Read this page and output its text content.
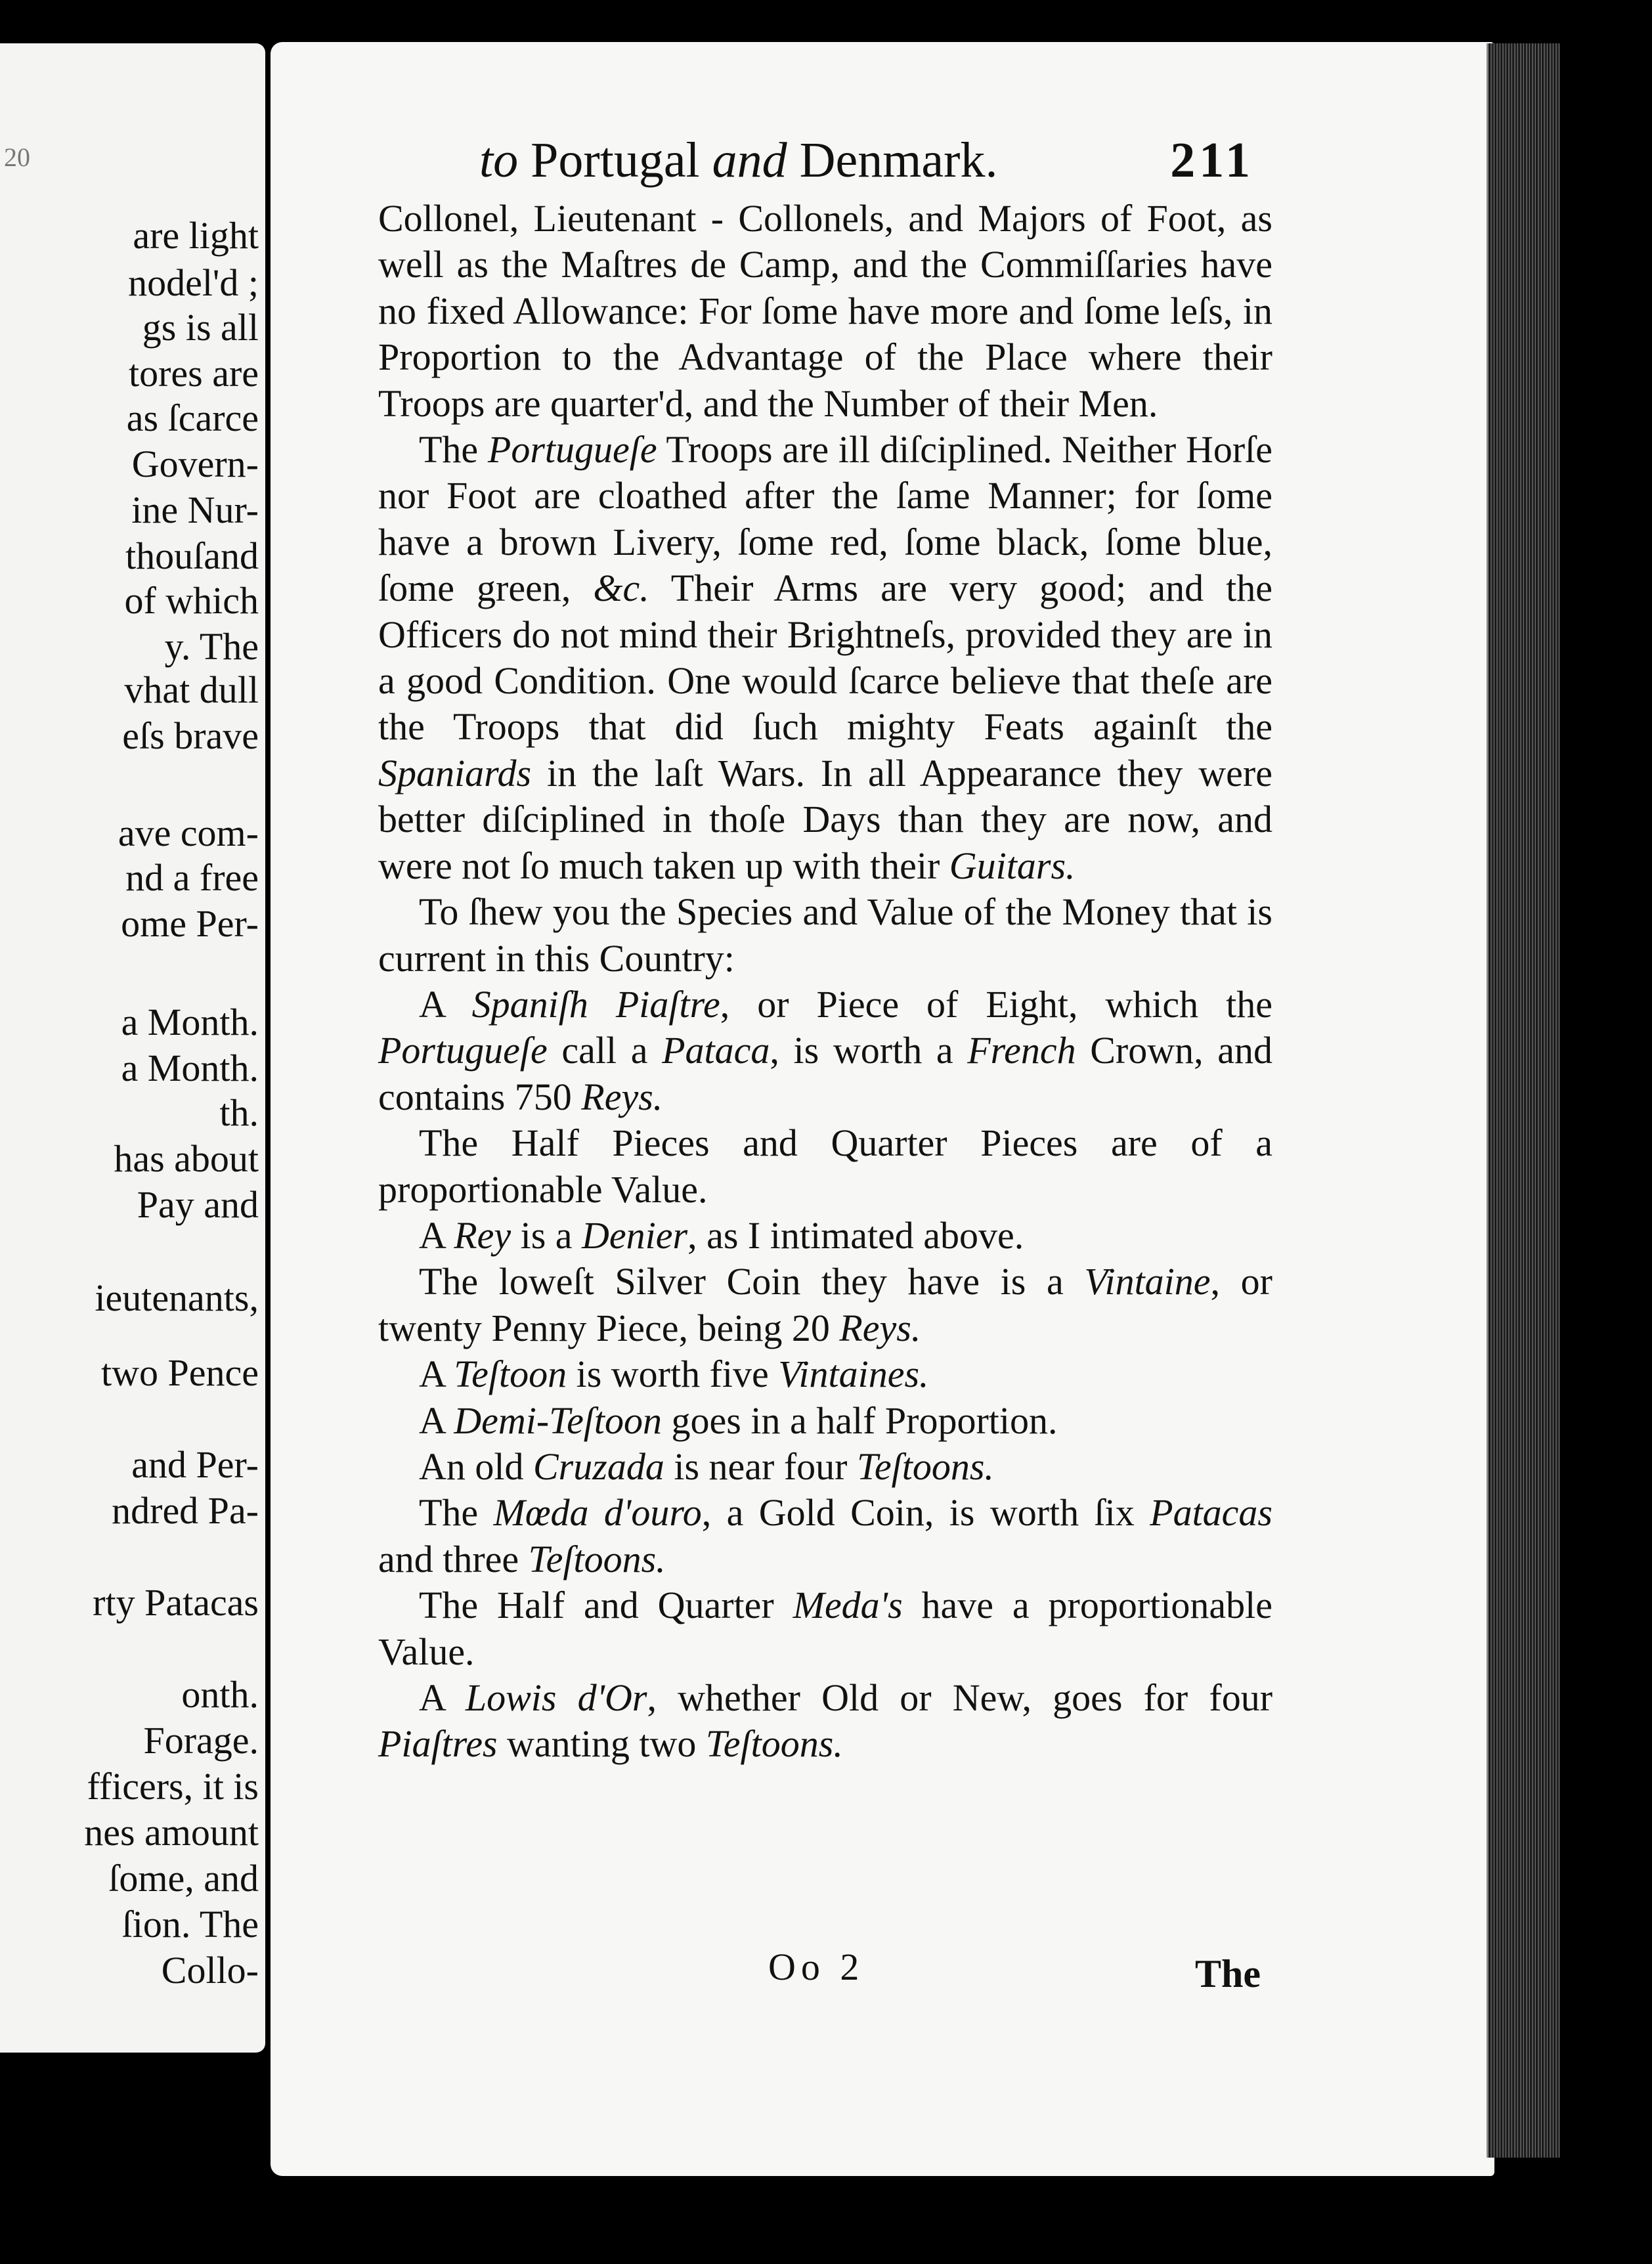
20
are light
nodel'd ;
gs is all
tores are
as ſcarce
Govern-
ine Nur-
thouſand
of which
y. The
vhat dull
eſs brave
ave com-
nd a free
ome Per-
a Month.
a Month.
th.
has about
Pay and
ieutenants,
two Pence
and Per-
ndred Pa-
rty Patacas
onth.
Forage.
fficers, it is
nes amount
ſome, and
ſion. The
Collo-
to Portugal and Denmark.	211

Collonel, Lieutenant - Collonels, and Majors of Foot, as well as the Maſtres de Camp, and the Commiſſaries have no fixed Allowance: For ſome have more and ſome leſs, in Proportion to the Advantage of the Place where their Troops are quarter'd, and the Number of their Men.

The Portugueſe Troops are ill diſciplined. Neither Horſe nor Foot are cloathed after the ſame Manner; for ſome have a brown Livery, ſome red, ſome black, ſome blue, ſome green, &c. Their Arms are very good; and the Officers do not mind their Brightneſs, provided they are in a good Condition. One would ſcarce believe that theſe are the Troops that did ſuch mighty Feats againſt the Spaniards in the laſt Wars. In all Appearance they were better diſciplined in thoſe Days than they are now, and were not ſo much taken up with their Guitars.

To ſhew you the Species and Value of the Money that is current in this Country:

A Spaniſh Piaſtre, or Piece of Eight, which the Portugueſe call a Pataca, is worth a French Crown, and contains 750 Reys.

The Half Pieces and Quarter Pieces are of a proportionable Value.

A Rey is a Denier, as I intimated above.

The loweſt Silver Coin they have is a Vintaine, or twenty Penny Piece, being 20 Reys.

A Teſtoon is worth five Vintaines.

A Demi-Teſtoon goes in a half Proportion.

An old Cruzada is near four Teſtoons.

The Mœda d'ouro, a Gold Coin, is worth ſix Patacas and three Teſtoons.

The Half and Quarter Meda's have a proportionable Value.

A Lowis d'Or, whether Old or New, goes for four Piaſtres wanting two Teſtoons.

Oo 2	The
